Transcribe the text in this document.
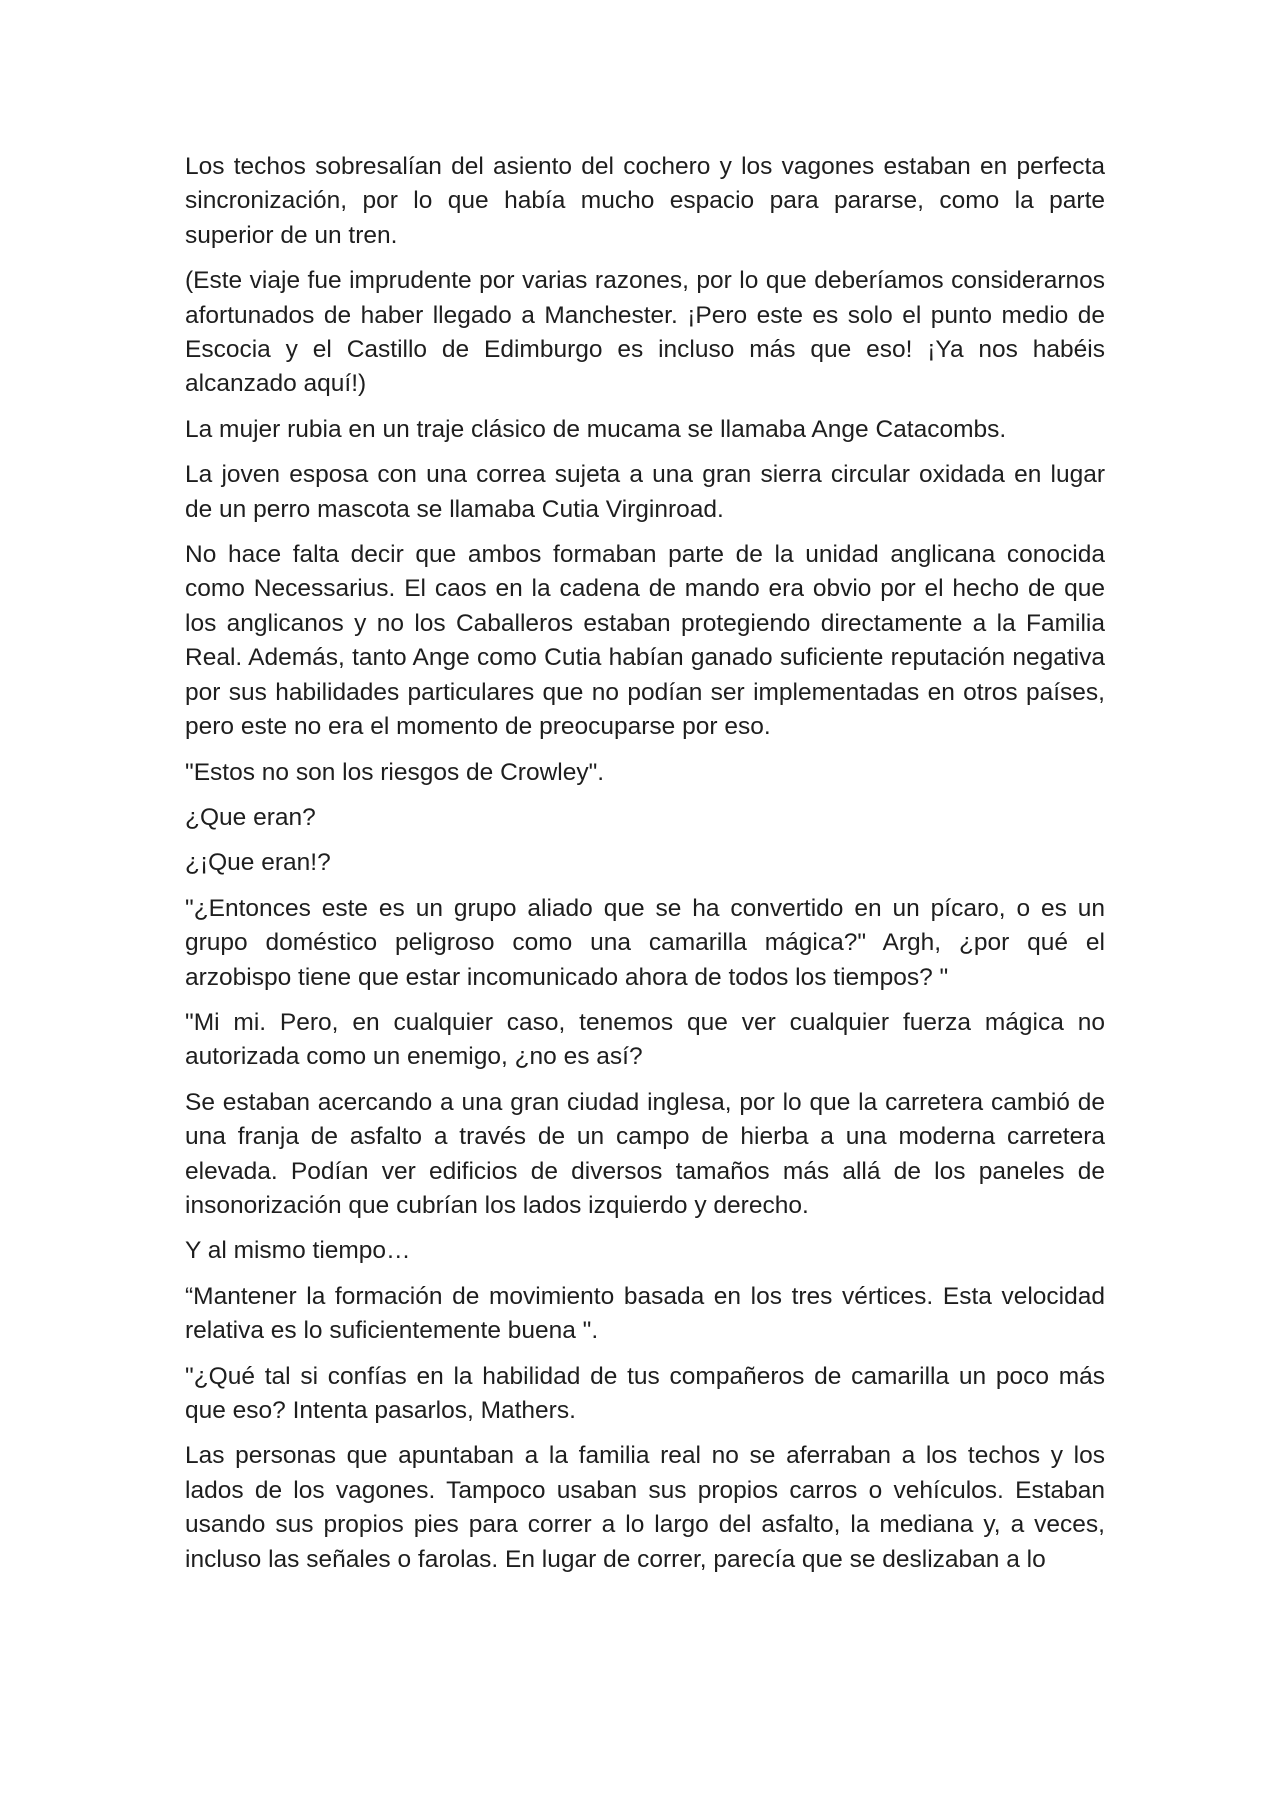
Los techos sobresalían del asiento del cochero y los vagones estaban en perfecta sincronización, por lo que había mucho espacio para pararse, como la parte superior de un tren.

(Este viaje fue imprudente por varias razones, por lo que deberíamos considerarnos afortunados de haber llegado a Manchester. ¡Pero este es solo el punto medio de Escocia y el Castillo de Edimburgo es incluso más que eso! ¡Ya nos habéis alcanzado aquí!)

La mujer rubia en un traje clásico de mucama se llamaba Ange Catacombs.

La joven esposa con una correa sujeta a una gran sierra circular oxidada en lugar de un perro mascota se llamaba Cutia Virginroad.

No hace falta decir que ambos formaban parte de la unidad anglicana conocida como Necessarius. El caos en la cadena de mando era obvio por el hecho de que los anglicanos y no los Caballeros estaban protegiendo directamente a la Familia Real. Además, tanto Ange como Cutia habían ganado suficiente reputación negativa por sus habilidades particulares que no podían ser implementadas en otros países, pero este no era el momento de preocuparse por eso.

"Estos no son los riesgos de Crowley".

¿Que eran?

¿¡Que eran!?

"¿Entonces este es un grupo aliado que se ha convertido en un pícaro, o es un grupo doméstico peligroso como una camarilla mágica?" Argh, ¿por qué el arzobispo tiene que estar incomunicado ahora de todos los tiempos? "

"Mi mi. Pero, en cualquier caso, tenemos que ver cualquier fuerza mágica no autorizada como un enemigo, ¿no es así?

Se estaban acercando a una gran ciudad inglesa, por lo que la carretera cambió de una franja de asfalto a través de un campo de hierba a una moderna carretera elevada. Podían ver edificios de diversos tamaños más allá de los paneles de insonorización que cubrían los lados izquierdo y derecho.

Y al mismo tiempo…

“Mantener la formación de movimiento basada en los tres vértices. Esta velocidad relativa es lo suficientemente buena ".

"¿Qué tal si confías en la habilidad de tus compañeros de camarilla un poco más que eso? Intenta pasarlos, Mathers.

Las personas que apuntaban a la familia real no se aferraban a los techos y los lados de los vagones. Tampoco usaban sus propios carros o vehículos. Estaban usando sus propios pies para correr a lo largo del asfalto, la mediana y, a veces, incluso las señales o farolas. En lugar de correr, parecía que se deslizaban a lo
